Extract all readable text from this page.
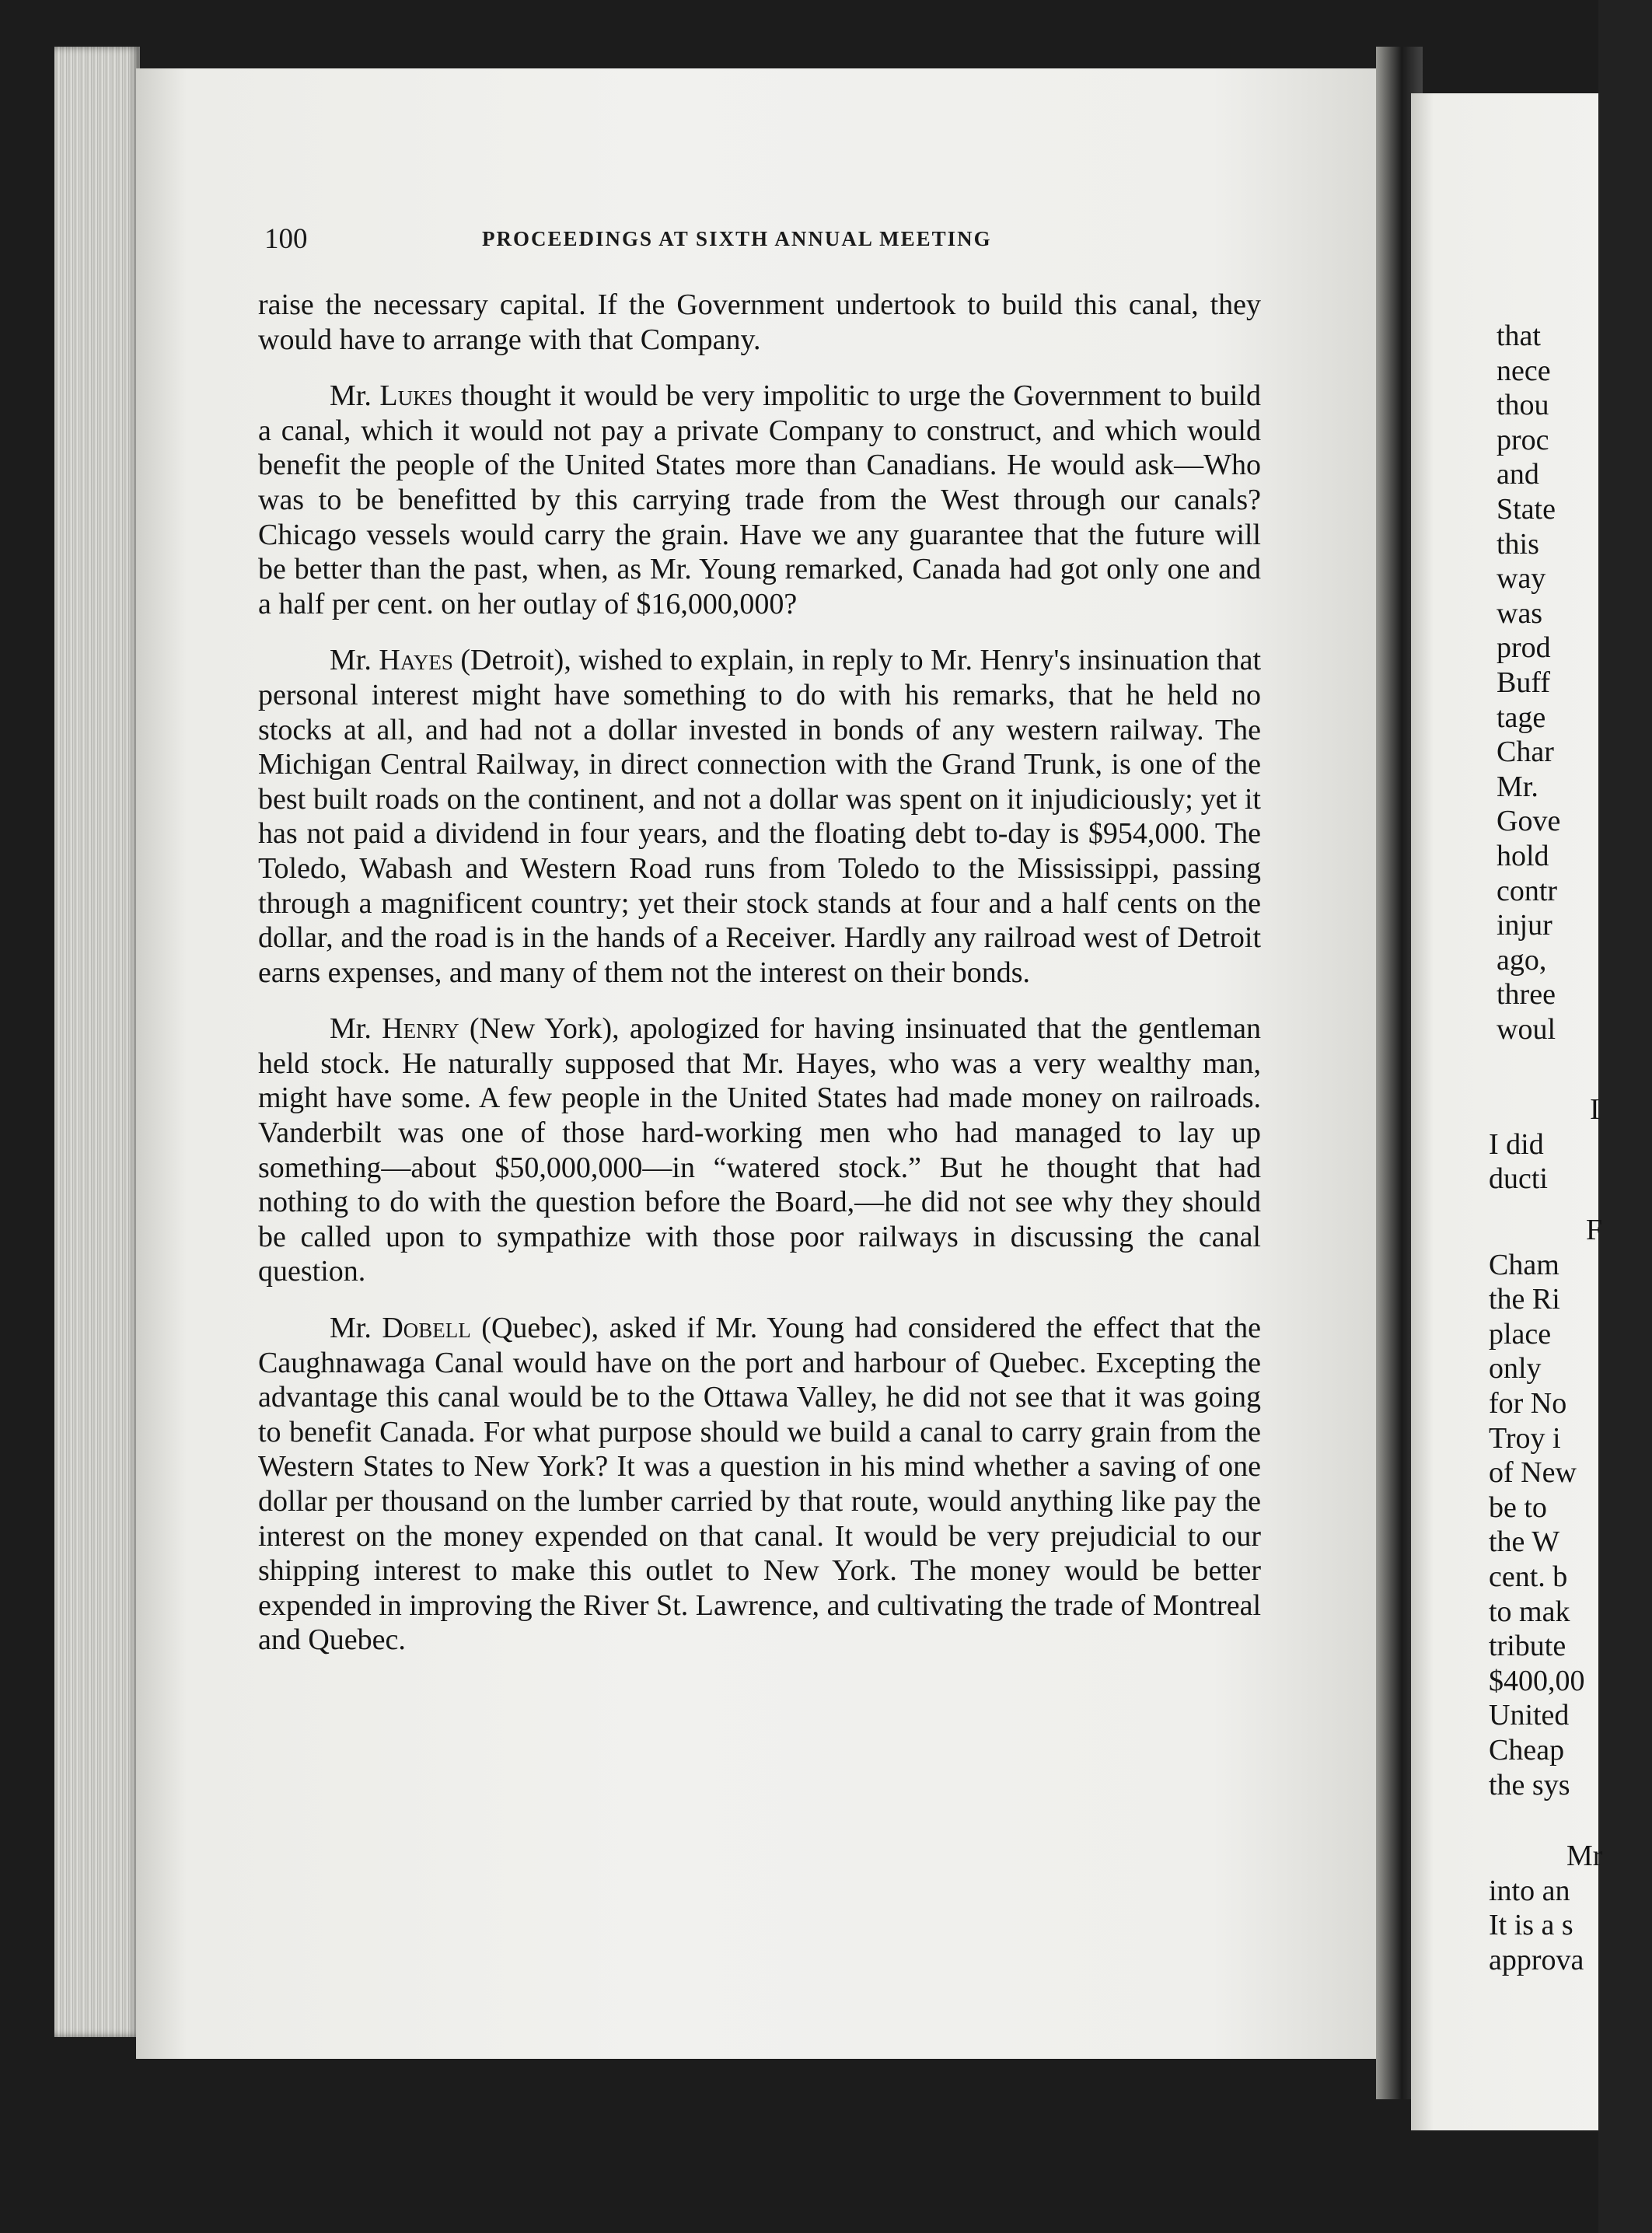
100	PROCEEDINGS AT SIXTH ANNUAL MEETING

raise the necessary capital. If the Government undertook to build this canal, they would have to arrange with that Company.

Mr. Lukes thought it would be very impolitic to urge the Government to build a canal, which it would not pay a private Company to construct, and which would benefit the people of the United States more than Canadians. He would ask—Who was to be benefitted by this carrying trade from the West through our canals? Chicago vessels would carry the grain. Have we any guarantee that the future will be better than the past, when, as Mr. Young remarked, Canada had got only one and a half per cent. on her outlay of $16,000,000?

Mr. Hayes (Detroit), wished to explain, in reply to Mr. Henry's insinuation that personal interest might have something to do with his remarks, that he held no stocks at all, and had not a dollar invested in bonds of any western railway. The Michigan Central Railway, in direct connection with the Grand Trunk, is one of the best built roads on the continent, and not a dollar was spent on it injudiciously; yet it has not paid a dividend in four years, and the floating debt to-day is $954,000. The Toledo, Wabash and Western Road runs from Toledo to the Mississippi, passing through a magnificent country; yet their stock stands at four and a half cents on the dollar, and the road is in the hands of a Receiver. Hardly any railroad west of Detroit earns expenses, and many of them not the interest on their bonds.

Mr. Henry (New York), apologized for having insinuated that the gentleman held stock. He naturally supposed that Mr. Hayes, who was a very wealthy man, might have some. A few people in the United States had made money on railroads. Vanderbilt was one of those hard-working men who had managed to lay up something—about $50,000,000—in “watered stock.” But he thought that had nothing to do with the question before the Board,—he did not see why they should be called upon to sympathize with those poor railways in discussing the canal question.

Mr. Dobell (Quebec), asked if Mr. Young had considered the effect that the Caughnawaga Canal would have on the port and harbour of Quebec. Excepting the advantage this canal would be to the Ottawa Valley, he did not see that it was going to benefit Canada. For what purpose should we build a canal to carry grain from the Western States to New York? It was a question in his mind whether a saving of one dollar per thousand on the lumber carried by that route, would anything like pay the interest on the money expended on that canal. It would be very prejudicial to our shipping interest to make this outlet to New York. The money would be better expended in improving the River St. Lawrence, and cultivating the trade of Montreal and Quebec.

that
nece
thou
proc
and
State
this
way
was
prod
Buff
tage
Char
Mr.
Gove
hold
contr
injur
ago,
three
woul
I
I did
ducti
F
Cham
the Ri
place
only
for No
Troy i
of New
be to
the W
cent. b
to mak
tribute
$400,00
United
Cheap
the sys
Mr
into an
It is a s
approva
